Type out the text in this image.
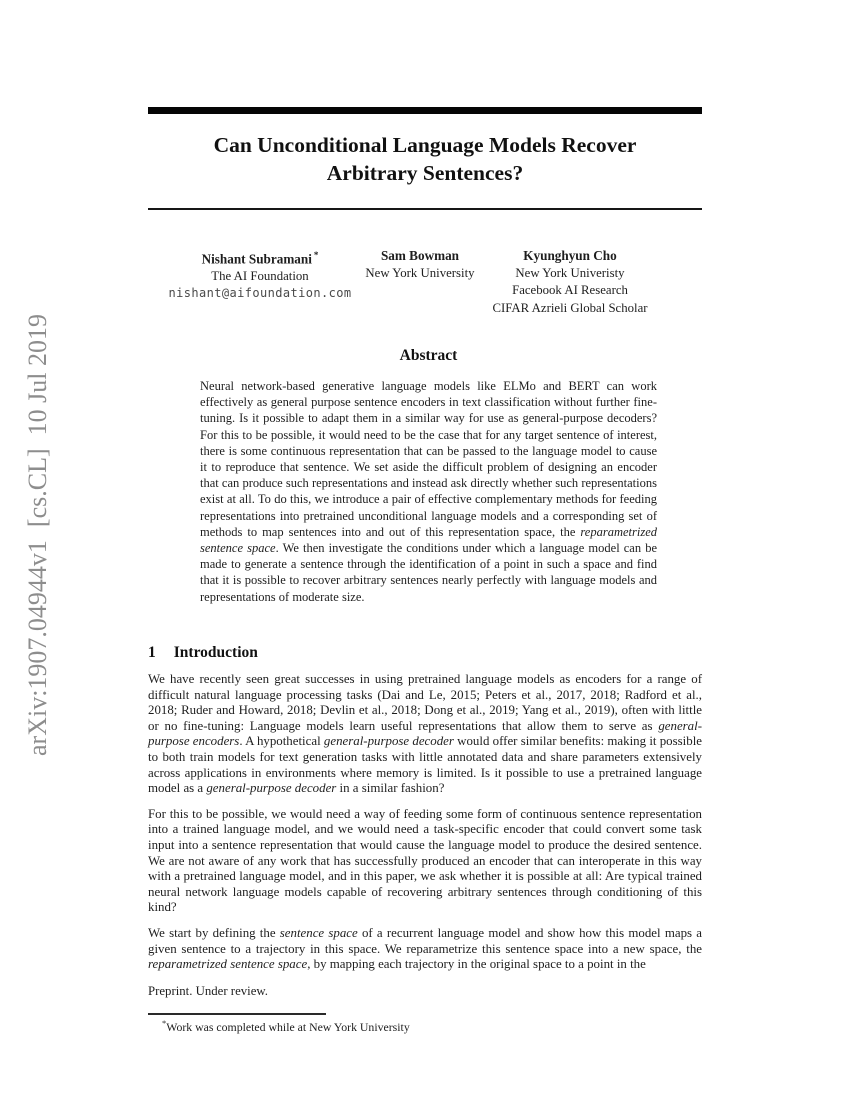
arXiv:1907.04944v1  [cs.CL]  10 Jul 2019
Can Unconditional Language Models Recover
Arbitrary Sentences?
Nishant Subramani *
The AI Foundation
nishant@aifoundation.com
Sam Bowman
New York University
Kyunghyun Cho
New York Univeristy
Facebook AI Research
CIFAR Azrieli Global Scholar
Abstract

Neural network-based generative language models like ELMo and BERT can work effectively as general purpose sentence encoders in text classification without further fine-tuning. Is it possible to adapt them in a similar way for use as general-purpose decoders? For this to be possible, it would need to be the case that for any target sentence of interest, there is some continuous representation that can be passed to the language model to cause it to reproduce that sentence. We set aside the difficult problem of designing an encoder that can produce such representations and instead ask directly whether such representations exist at all. To do this, we introduce a pair of effective complementary methods for feeding representations into pretrained unconditional language models and a corresponding set of methods to map sentences into and out of this representation space, the reparametrized sentence space. We then investigate the conditions under which a language model can be made to generate a sentence through the identification of a point in such a space and find that it is possible to recover arbitrary sentences nearly perfectly with language models and representations of moderate size.

1 Introduction

We have recently seen great successes in using pretrained language models as encoders for a range of difficult natural language processing tasks (Dai and Le, 2015; Peters et al., 2017, 2018; Radford et al., 2018; Ruder and Howard, 2018; Devlin et al., 2018; Dong et al., 2019; Yang et al., 2019), often with little or no fine-tuning: Language models learn useful representations that allow them to serve as general-purpose encoders. A hypothetical general-purpose decoder would offer similar benefits: making it possible to both train models for text generation tasks with little annotated data and share parameters extensively across applications in environments where memory is limited. Is it possible to use a pretrained language model as a general-purpose decoder in a similar fashion?

For this to be possible, we would need a way of feeding some form of continuous sentence representation into a trained language model, and we would need a task-specific encoder that could convert some task input into a sentence representation that would cause the language model to produce the desired sentence. We are not aware of any work that has successfully produced an encoder that can interoperate in this way with a pretrained language model, and in this paper, we ask whether it is possible at all: Are typical trained neural network language models capable of recovering arbitrary sentences through conditioning of this kind?

We start by defining the sentence space of a recurrent language model and show how this model maps a given sentence to a trajectory in this space. We reparametrize this sentence space into a new space, the reparametrized sentence space, by mapping each trajectory in the original space to a point in the

Preprint. Under review.
*Work was completed while at New York University
